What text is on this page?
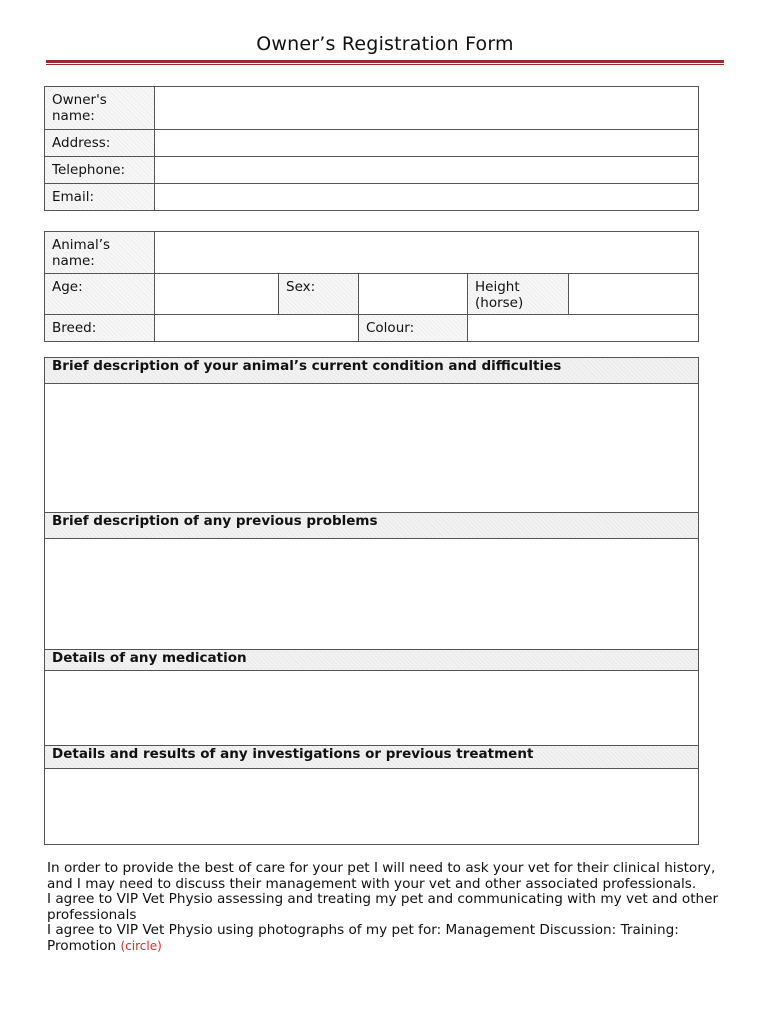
Owner’s Registration Form
Owner's name:	
Address:	
Telephone:	
Email:	
Animal’s name:					
Age:		Sex:		Height (horse)	
Breed:			Colour:		
Brief description of your animal’s current condition and difficulties

Brief description of any previous problems

Details of any medication

Details and results of any investigations or previous treatment

In order to provide the best of care for your pet I will need to ask your vet for their clinical history, and I may need to discuss their management with your vet and other associated professionals.

I agree to VIP Vet Physio assessing and treating my pet and communicating with my vet and other professionals

I agree to VIP Vet Physio using photographs of my pet for: Management Discussion: Training: Promotion (circle)
